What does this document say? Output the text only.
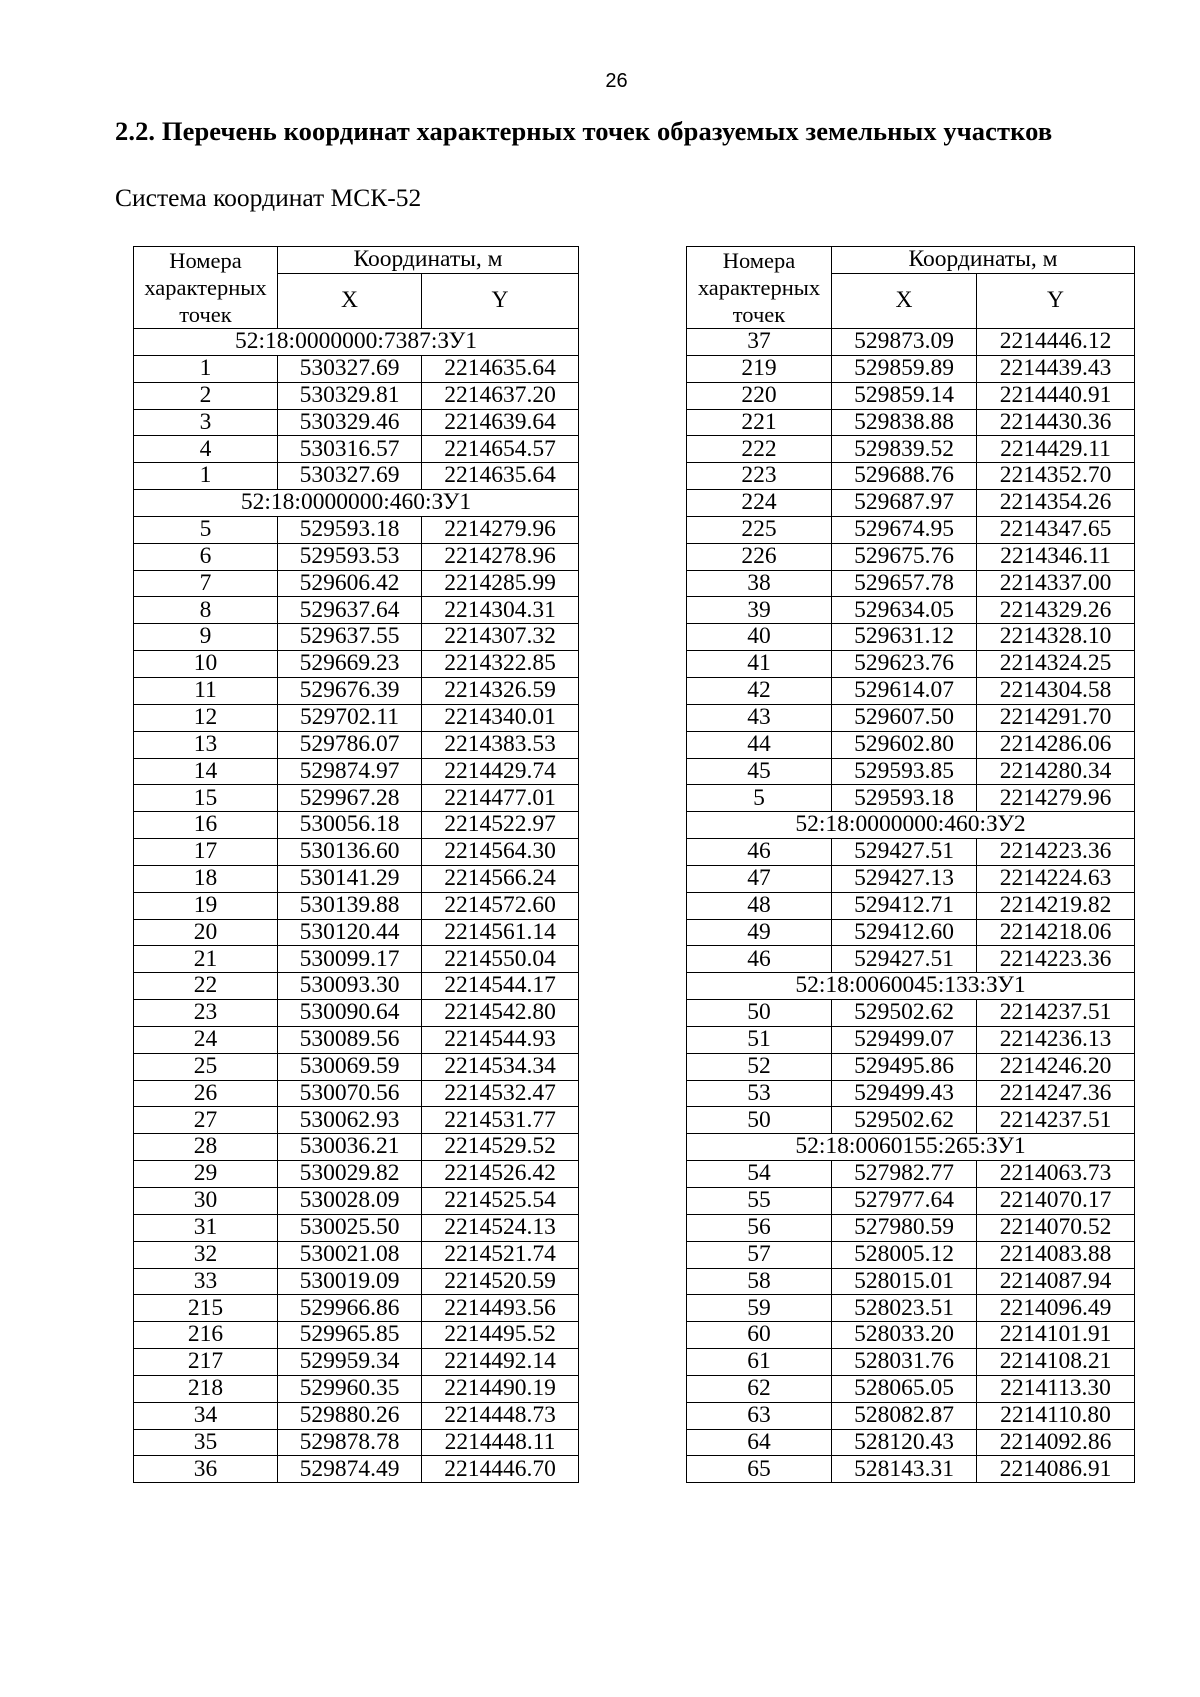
26
2.2. Перечень координат характерных точек образуемых земельных участков
Система координат МСК-52
Номера характерных точек	Координаты, м	
	X	Y
52:18:0000000:7387:ЗУ1		
1	530327.69	2214635.64
2	530329.81	2214637.20
3	530329.46	2214639.64
4	530316.57	2214654.57
1	530327.69	2214635.64
52:18:0000000:460:ЗУ1		
5	529593.18	2214279.96
6	529593.53	2214278.96
7	529606.42	2214285.99
8	529637.64	2214304.31
9	529637.55	2214307.32
10	529669.23	2214322.85
11	529676.39	2214326.59
12	529702.11	2214340.01
13	529786.07	2214383.53
14	529874.97	2214429.74
15	529967.28	2214477.01
16	530056.18	2214522.97
17	530136.60	2214564.30
18	530141.29	2214566.24
19	530139.88	2214572.60
20	530120.44	2214561.14
21	530099.17	2214550.04
22	530093.30	2214544.17
23	530090.64	2214542.80
24	530089.56	2214544.93
25	530069.59	2214534.34
26	530070.56	2214532.47
27	530062.93	2214531.77
28	530036.21	2214529.52
29	530029.82	2214526.42
30	530028.09	2214525.54
31	530025.50	2214524.13
32	530021.08	2214521.74
33	530019.09	2214520.59
215	529966.86	2214493.56
216	529965.85	2214495.52
217	529959.34	2214492.14
218	529960.35	2214490.19
34	529880.26	2214448.73
35	529878.78	2214448.11
36	529874.49	2214446.70
Номера характерных точек	Координаты, м	
	X	Y
37	529873.09	2214446.12
219	529859.89	2214439.43
220	529859.14	2214440.91
221	529838.88	2214430.36
222	529839.52	2214429.11
223	529688.76	2214352.70
224	529687.97	2214354.26
225	529674.95	2214347.65
226	529675.76	2214346.11
38	529657.78	2214337.00
39	529634.05	2214329.26
40	529631.12	2214328.10
41	529623.76	2214324.25
42	529614.07	2214304.58
43	529607.50	2214291.70
44	529602.80	2214286.06
45	529593.85	2214280.34
5	529593.18	2214279.96
52:18:0000000:460:ЗУ2		
46	529427.51	2214223.36
47	529427.13	2214224.63
48	529412.71	2214219.82
49	529412.60	2214218.06
46	529427.51	2214223.36
52:18:0060045:133:ЗУ1		
50	529502.62	2214237.51
51	529499.07	2214236.13
52	529495.86	2214246.20
53	529499.43	2214247.36
50	529502.62	2214237.51
52:18:0060155:265:ЗУ1		
54	527982.77	2214063.73
55	527977.64	2214070.17
56	527980.59	2214070.52
57	528005.12	2214083.88
58	528015.01	2214087.94
59	528023.51	2214096.49
60	528033.20	2214101.91
61	528031.76	2214108.21
62	528065.05	2214113.30
63	528082.87	2214110.80
64	528120.43	2214092.86
65	528143.31	2214086.91
